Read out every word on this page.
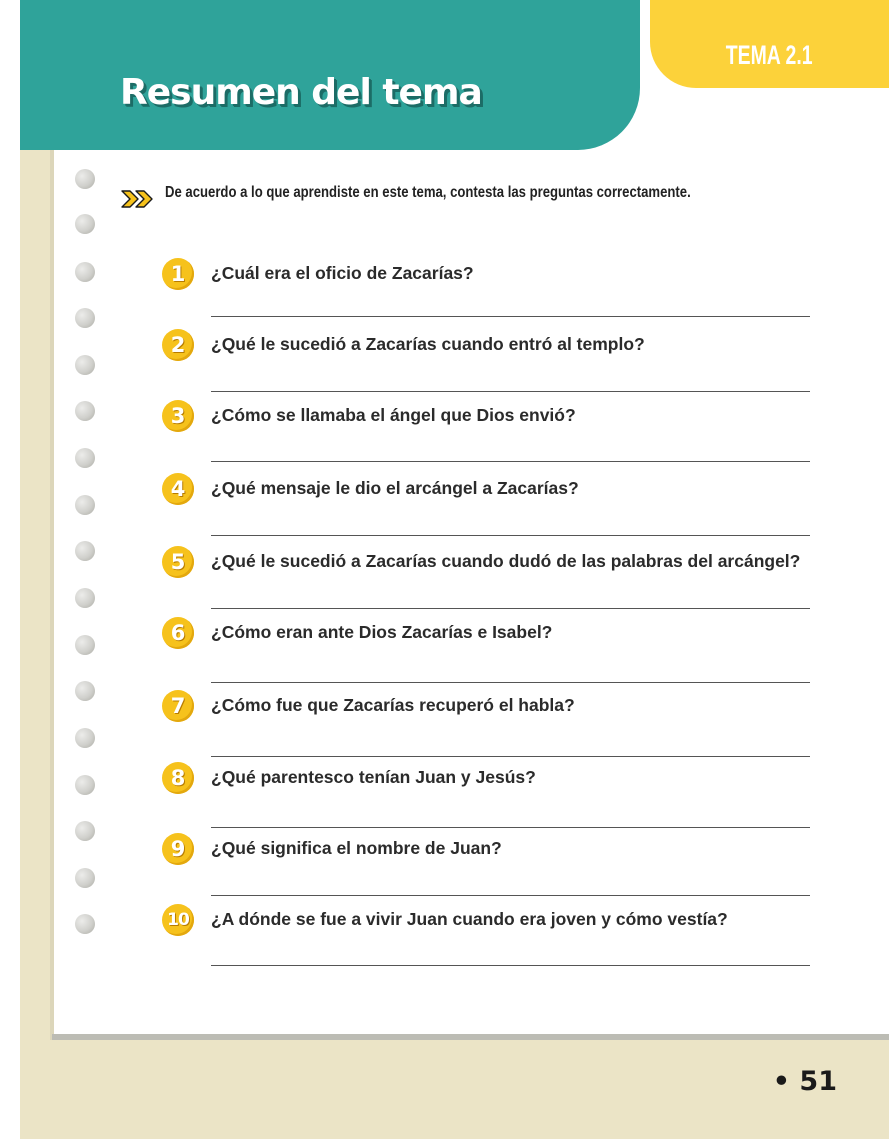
Resumen del tema
TEMA 2.1
De acuerdo a lo que aprendiste en este tema, contesta las preguntas correctamente.
1	¿Cuál era el oficio de Zacarías?
2	¿Qué le sucedió a Zacarías cuando entró al templo?
3	¿Cómo se llamaba el ángel que Dios envió?
4	¿Qué mensaje le dio el arcángel a Zacarías?
5	¿Qué le sucedió a Zacarías cuando dudó de las palabras del arcángel?
6	¿Cómo eran ante Dios Zacarías e Isabel?
7	¿Cómo fue que Zacarías recuperó el habla?
8	¿Qué parentesco tenían Juan y Jesús?
9	¿Qué significa el nombre de Juan?
10 ¿A dónde se fue a vivir Juan cuando era joven y cómo vestía?
• 51
